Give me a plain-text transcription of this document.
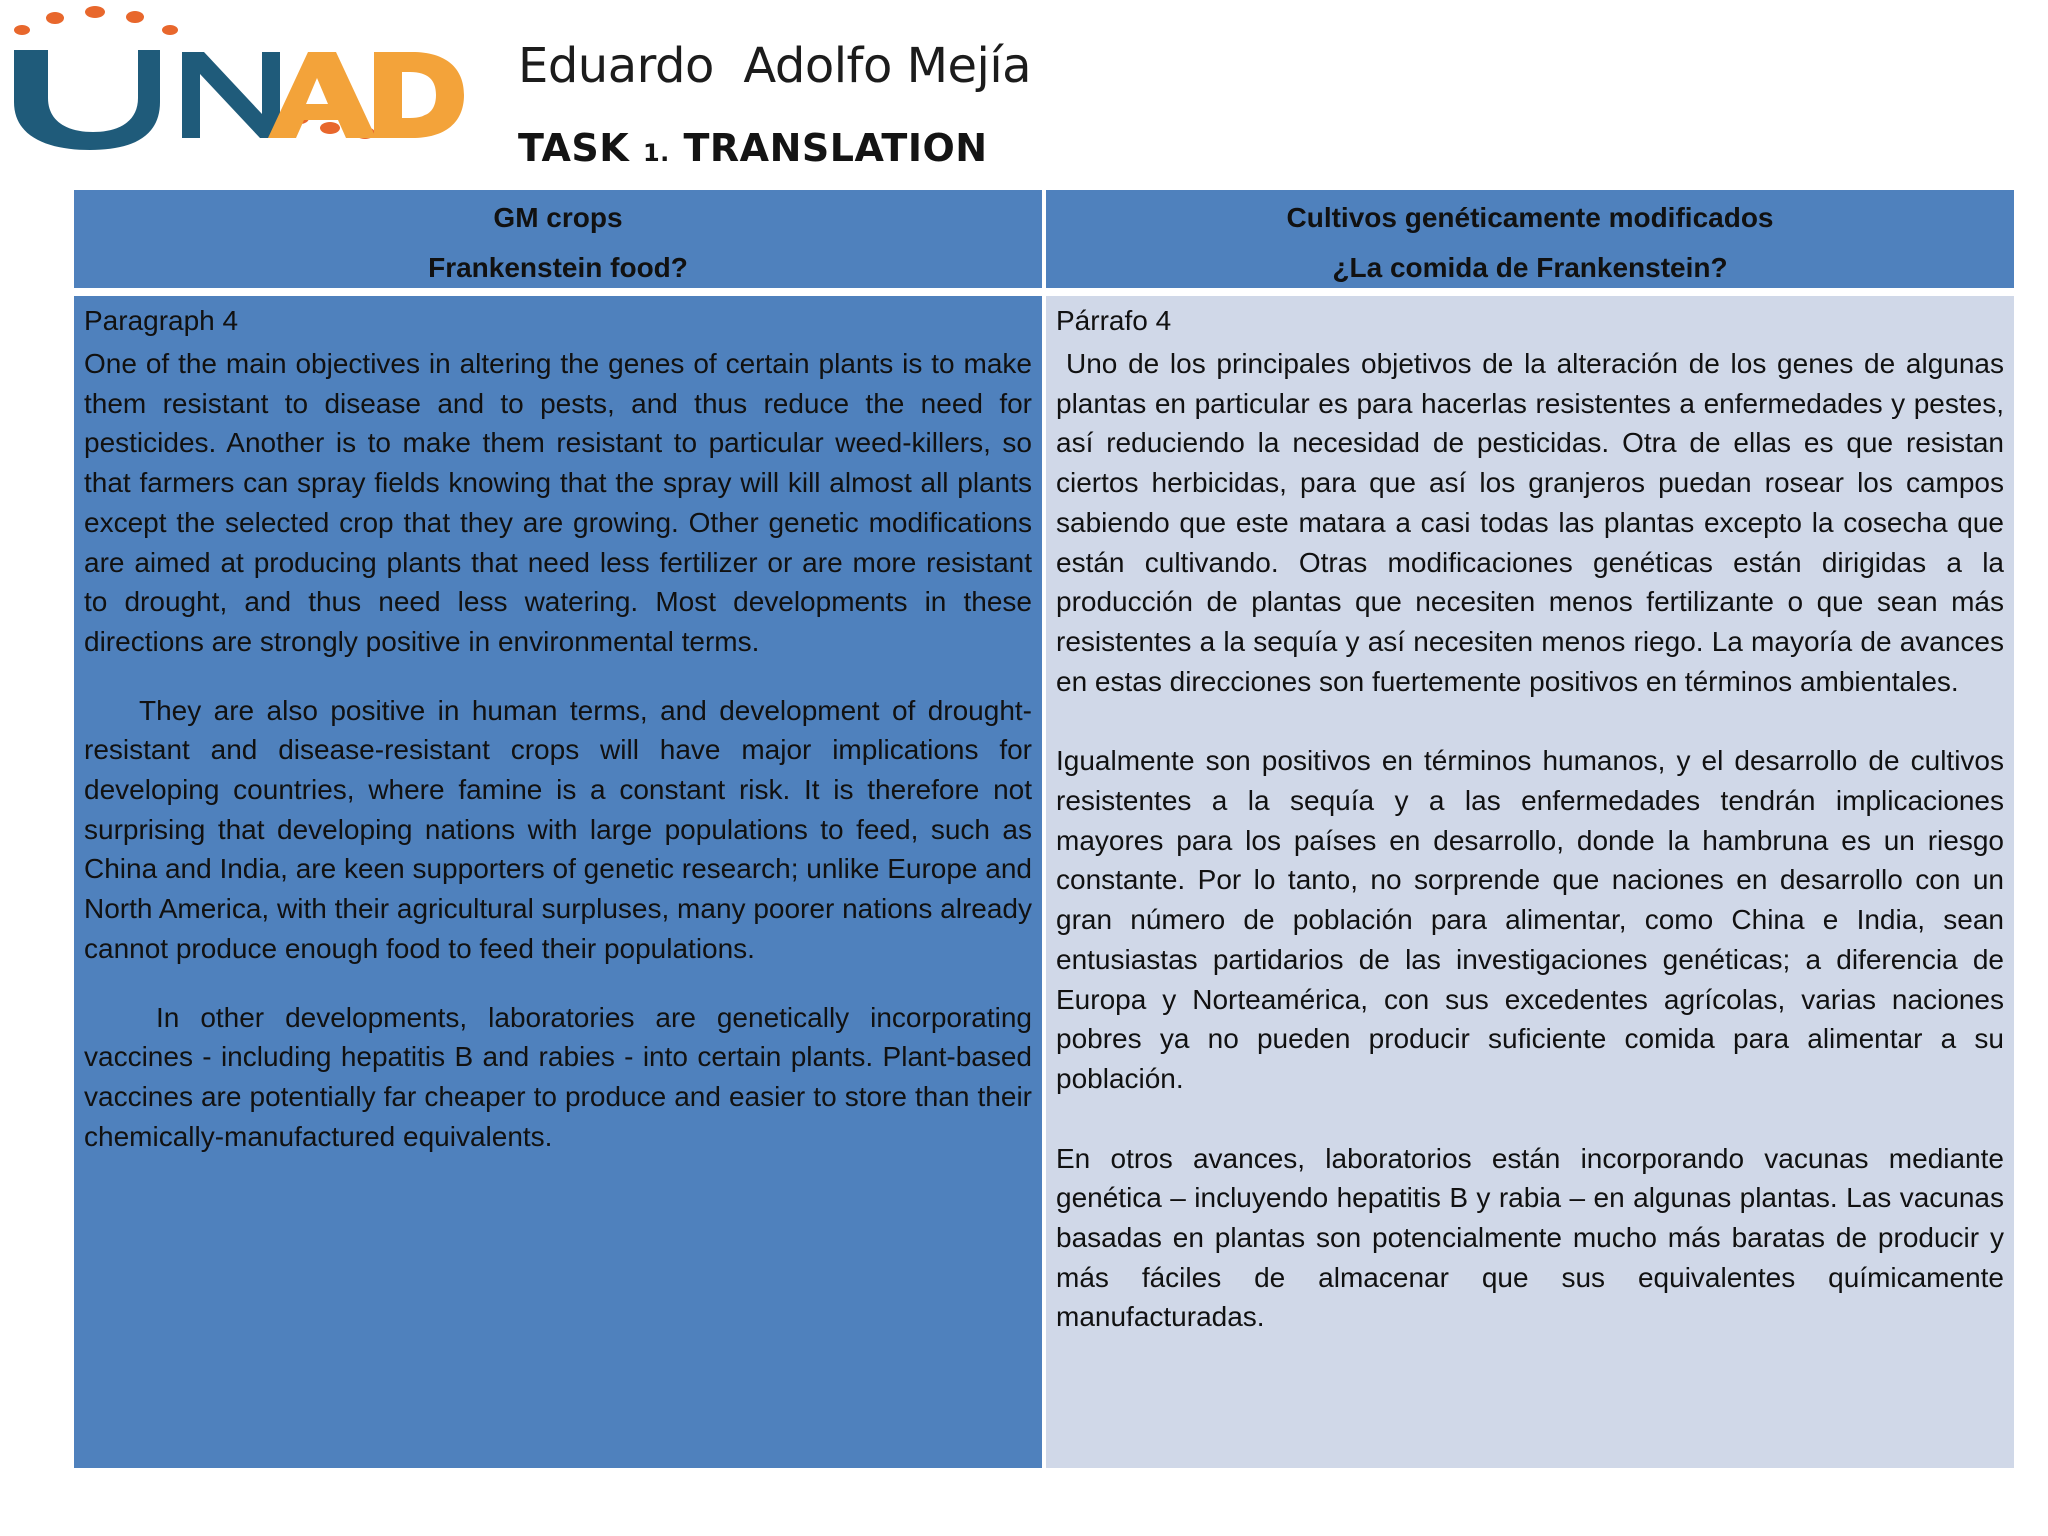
Eduardo  Adolfo Mejía
TASK 1. TRANSLATION
GM crops
Frankenstein food?
Cultivos genéticamente modificados
¿La comida de Frankenstein?

Paragraph 4

One of the main objectives in altering the genes of certain plants is to make them resistant to disease and to pests, and thus reduce the need for pesticides. Another is to make them resistant to particular weed-killers, so that farmers can spray fields knowing that the spray will kill almost all plants except the selected crop that they are growing. Other genetic modifications are aimed at producing plants that need less fertilizer or are more resistant to drought, and thus need less watering. Most developments in these directions are strongly positive in environmental terms.

They are also positive in human terms, and development of drought-resistant and disease-resistant crops will have major implications for developing countries, where famine is a constant risk. It is therefore not surprising that developing nations with large populations to feed, such as China and India, are keen supporters of genetic research; unlike Europe and North America, with their agricultural surpluses, many poorer nations already cannot produce enough food to feed their populations.

In other developments, laboratories are genetically incorporating vaccines - including hepatitis B and rabies - into certain plants. Plant-based vaccines are potentially far cheaper to produce and easier to store than their chemically-manufactured equivalents.

Párrafo 4

Uno de los principales objetivos de la alteración de los genes de algunas plantas en particular es para hacerlas resistentes a enfermedades y pestes, así reduciendo la necesidad de pesticidas. Otra de ellas es que resistan ciertos herbicidas, para que así los granjeros puedan rosear los campos sabiendo que este matara a casi todas las plantas excepto la cosecha que están cultivando. Otras modificaciones genéticas están dirigidas a la producción de plantas que necesiten menos fertilizante o que sean más resistentes a la sequía y así necesiten menos riego. La mayoría de avances en estas direcciones son fuertemente positivos en términos ambientales.

Igualmente son positivos en términos humanos, y el desarrollo de cultivos resistentes a la sequía y a las enfermedades tendrán implicaciones mayores para los países en desarrollo, donde la hambruna es un riesgo constante. Por lo tanto, no sorprende que naciones en desarrollo con un gran número de población para alimentar, como China e India, sean entusiastas partidarios de las investigaciones genéticas; a diferencia de Europa y Norteamérica, con sus excedentes agrícolas, varias naciones pobres ya no pueden producir suficiente comida para alimentar a su población.

En otros avances, laboratorios están incorporando vacunas mediante genética – incluyendo hepatitis B y rabia – en algunas plantas. Las vacunas basadas en plantas son potencialmente mucho más baratas de producir y más fáciles de almacenar que sus equivalentes químicamente manufacturadas.
